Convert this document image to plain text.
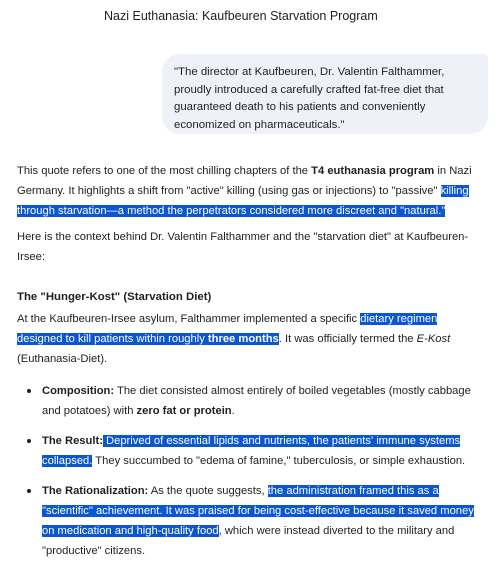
Nazi Euthanasia: Kaufbeuren Starvation Program
"The director at Kaufbeuren, Dr. Valentin Falthammer, proudly introduced a carefully crafted fat-free diet that guaranteed death to his patients and conveniently economized on pharmaceuticals."

This quote refers to one of the most chilling chapters of the T4 euthanasia program in Nazi Germany. It highlights a shift from "active" killing (using gas or injections) to "passive" killing through starvation—a method the perpetrators considered more discreet and "natural."

Here is the context behind Dr. Valentin Falthammer and the "starvation diet" at Kaufbeuren-Irsee:

The "Hunger-Kost" (Starvation Diet)

At the Kaufbeuren-Irsee asylum, Falthammer implemented a specific dietary regimen designed to kill patients within roughly three months. It was officially termed the E-Kost (Euthanasia-Diet).

Composition: The diet consisted almost entirely of boiled vegetables (mostly cabbage and potatoes) with zero fat or protein.
The Result: Deprived of essential lipids and nutrients, the patients' immune systems collapsed. They succumbed to "edema of famine," tuberculosis, or simple exhaustion.
The Rationalization: As the quote suggests, the administration framed this as a "scientific" achievement. It was praised for being cost-effective because it saved money on medication and high-quality food, which were instead diverted to the military and "productive" citizens.
